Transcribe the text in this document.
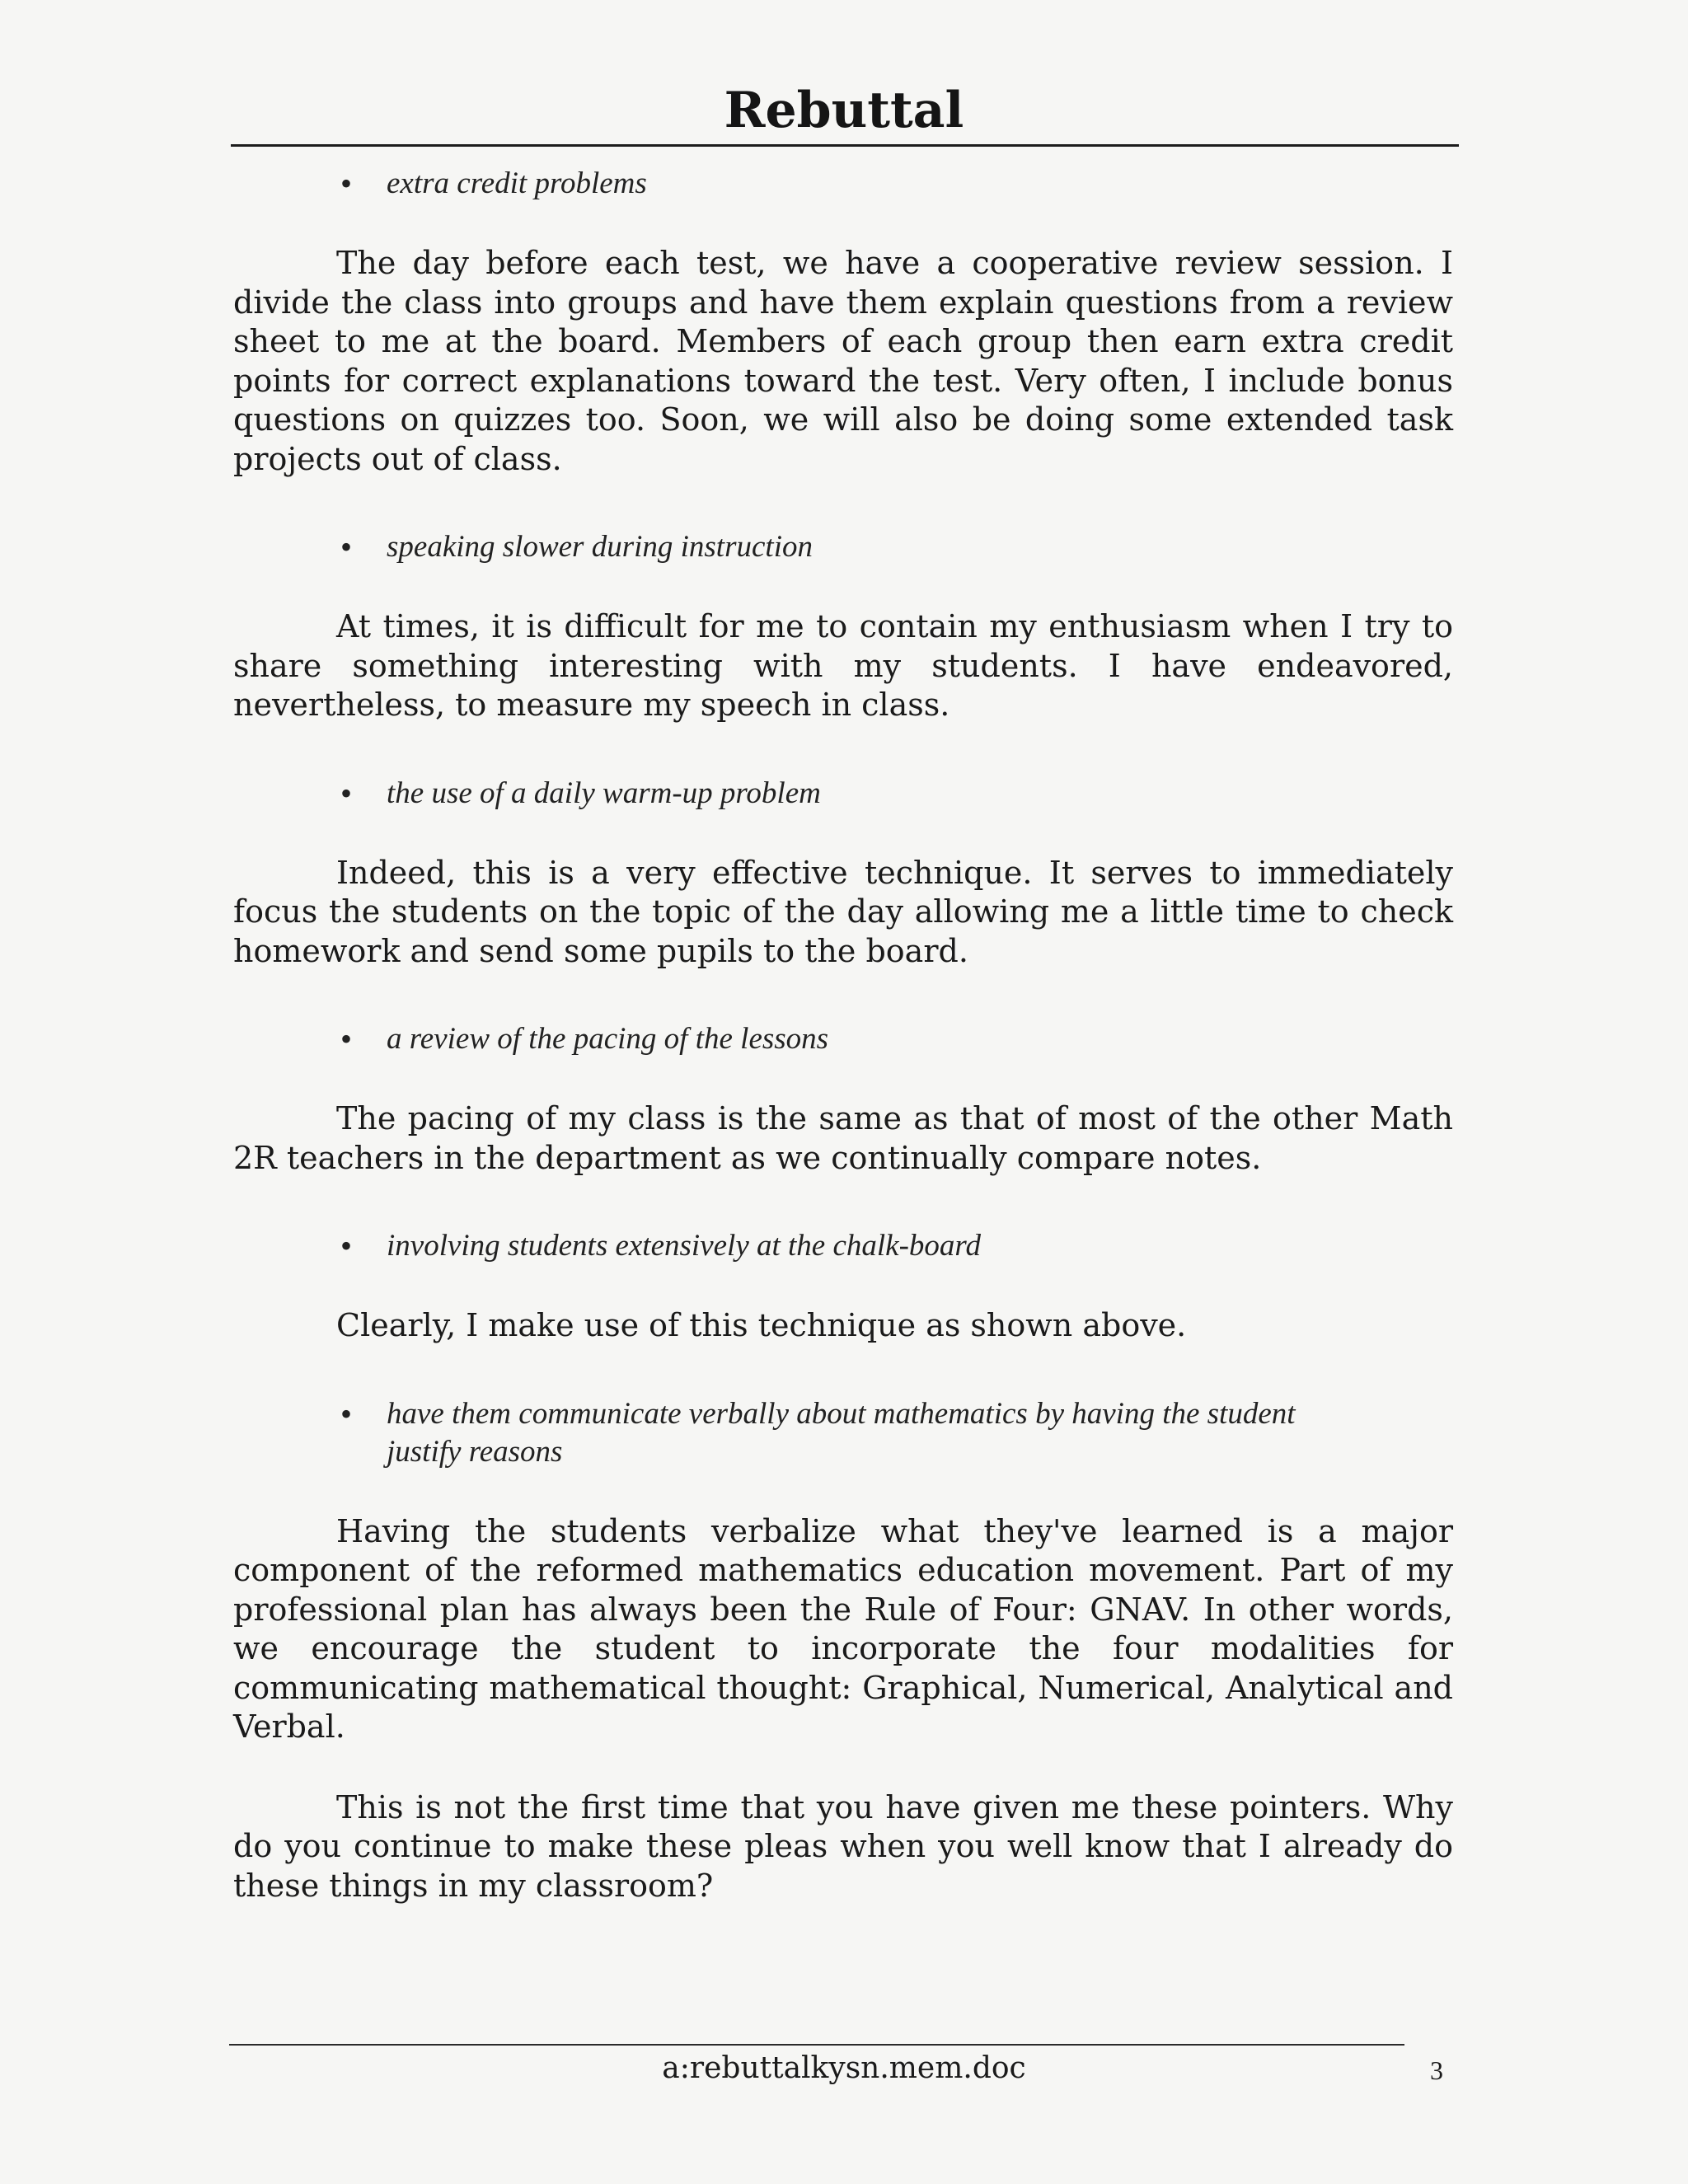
Rebuttal
• extra credit problems
The day before each test, we have a cooperative review session. I divide the class into groups and have them explain questions from a review sheet to me at the board. Members of each group then earn extra credit points for correct explanations toward the test. Very often, I include bonus questions on quizzes too. Soon, we will also be doing some extended task projects out of class.
• speaking slower during instruction
At times, it is difficult for me to contain my enthusiasm when I try to share something interesting with my students. I have endeavored, nevertheless, to measure my speech in class.
• the use of a daily warm-up problem
Indeed, this is a very effective technique. It serves to immediately focus the students on the topic of the day allowing me a little time to check homework and send some pupils to the board.
• a review of the pacing of the lessons
The pacing of my class is the same as that of most of the other Math 2R teachers in the department as we continually compare notes.
• involving students extensively at the chalk-board
Clearly, I make use of this technique as shown above.
• have them communicate verbally about mathematics by having the student justify reasons
Having the students verbalize what they've learned is a major component of the reformed mathematics education movement. Part of my professional plan has always been the Rule of Four: GNAV. In other words, we encourage the student to incorporate the four modalities for communicating mathematical thought: Graphical, Numerical, Analytical and Verbal.
This is not the first time that you have given me these pointers. Why do you continue to make these pleas when you well know that I already do these things in my classroom?
a:rebuttalkysn.mem.doc	3
